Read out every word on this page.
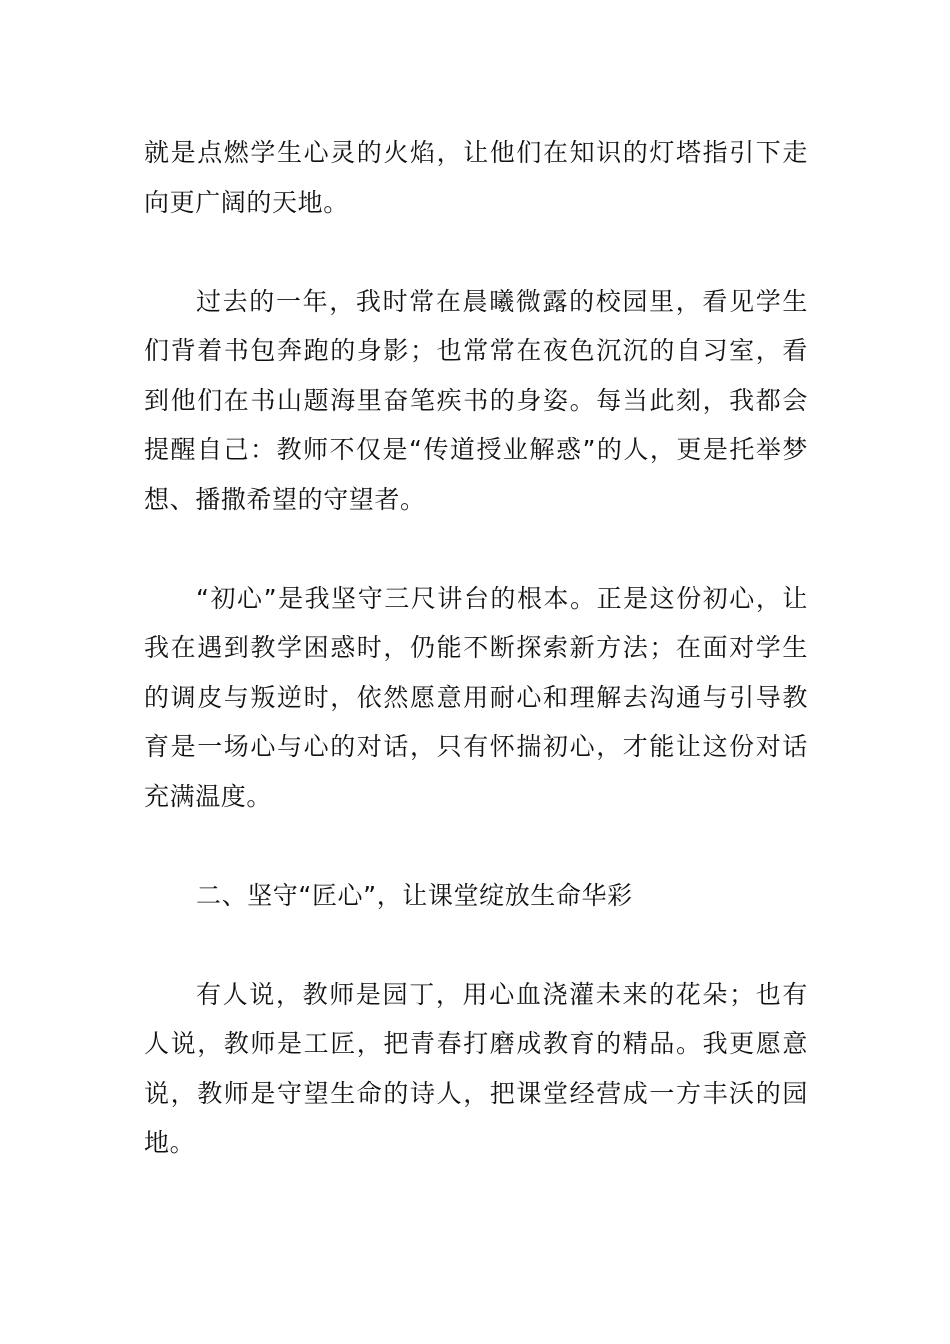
就是点燃学生心灵的火焰，让他们在知识的灯塔指引下走向更广阔的天地。

过去的一年，我时常在晨曦微露的校园里，看见学生们背着书包奔跑的身影；也常常在夜色沉沉的自习室，看到他们在书山题海里奋笔疾书的身姿。每当此刻，我都会提醒自己：教师不仅是“传道授业解惑”的人，更是托举梦想、播撒希望的守望者。

“初心”是我坚守三尺讲台的根本。正是这份初心，让我在遇到教学困惑时，仍能不断探索新方法；在面对学生的调皮与叛逆时，依然愿意用耐心和理解去沟通与引导教育是一场心与心的对话，只有怀揣初心，才能让这份对话充满温度。

二、坚守“匠心”，让课堂绽放生命华彩

有人说，教师是园丁，用心血浇灌未来的花朵；也有人说，教师是工匠，把青春打磨成教育的精品。我更愿意说，教师是守望生命的诗人，把课堂经营成一方丰沃的园地。
